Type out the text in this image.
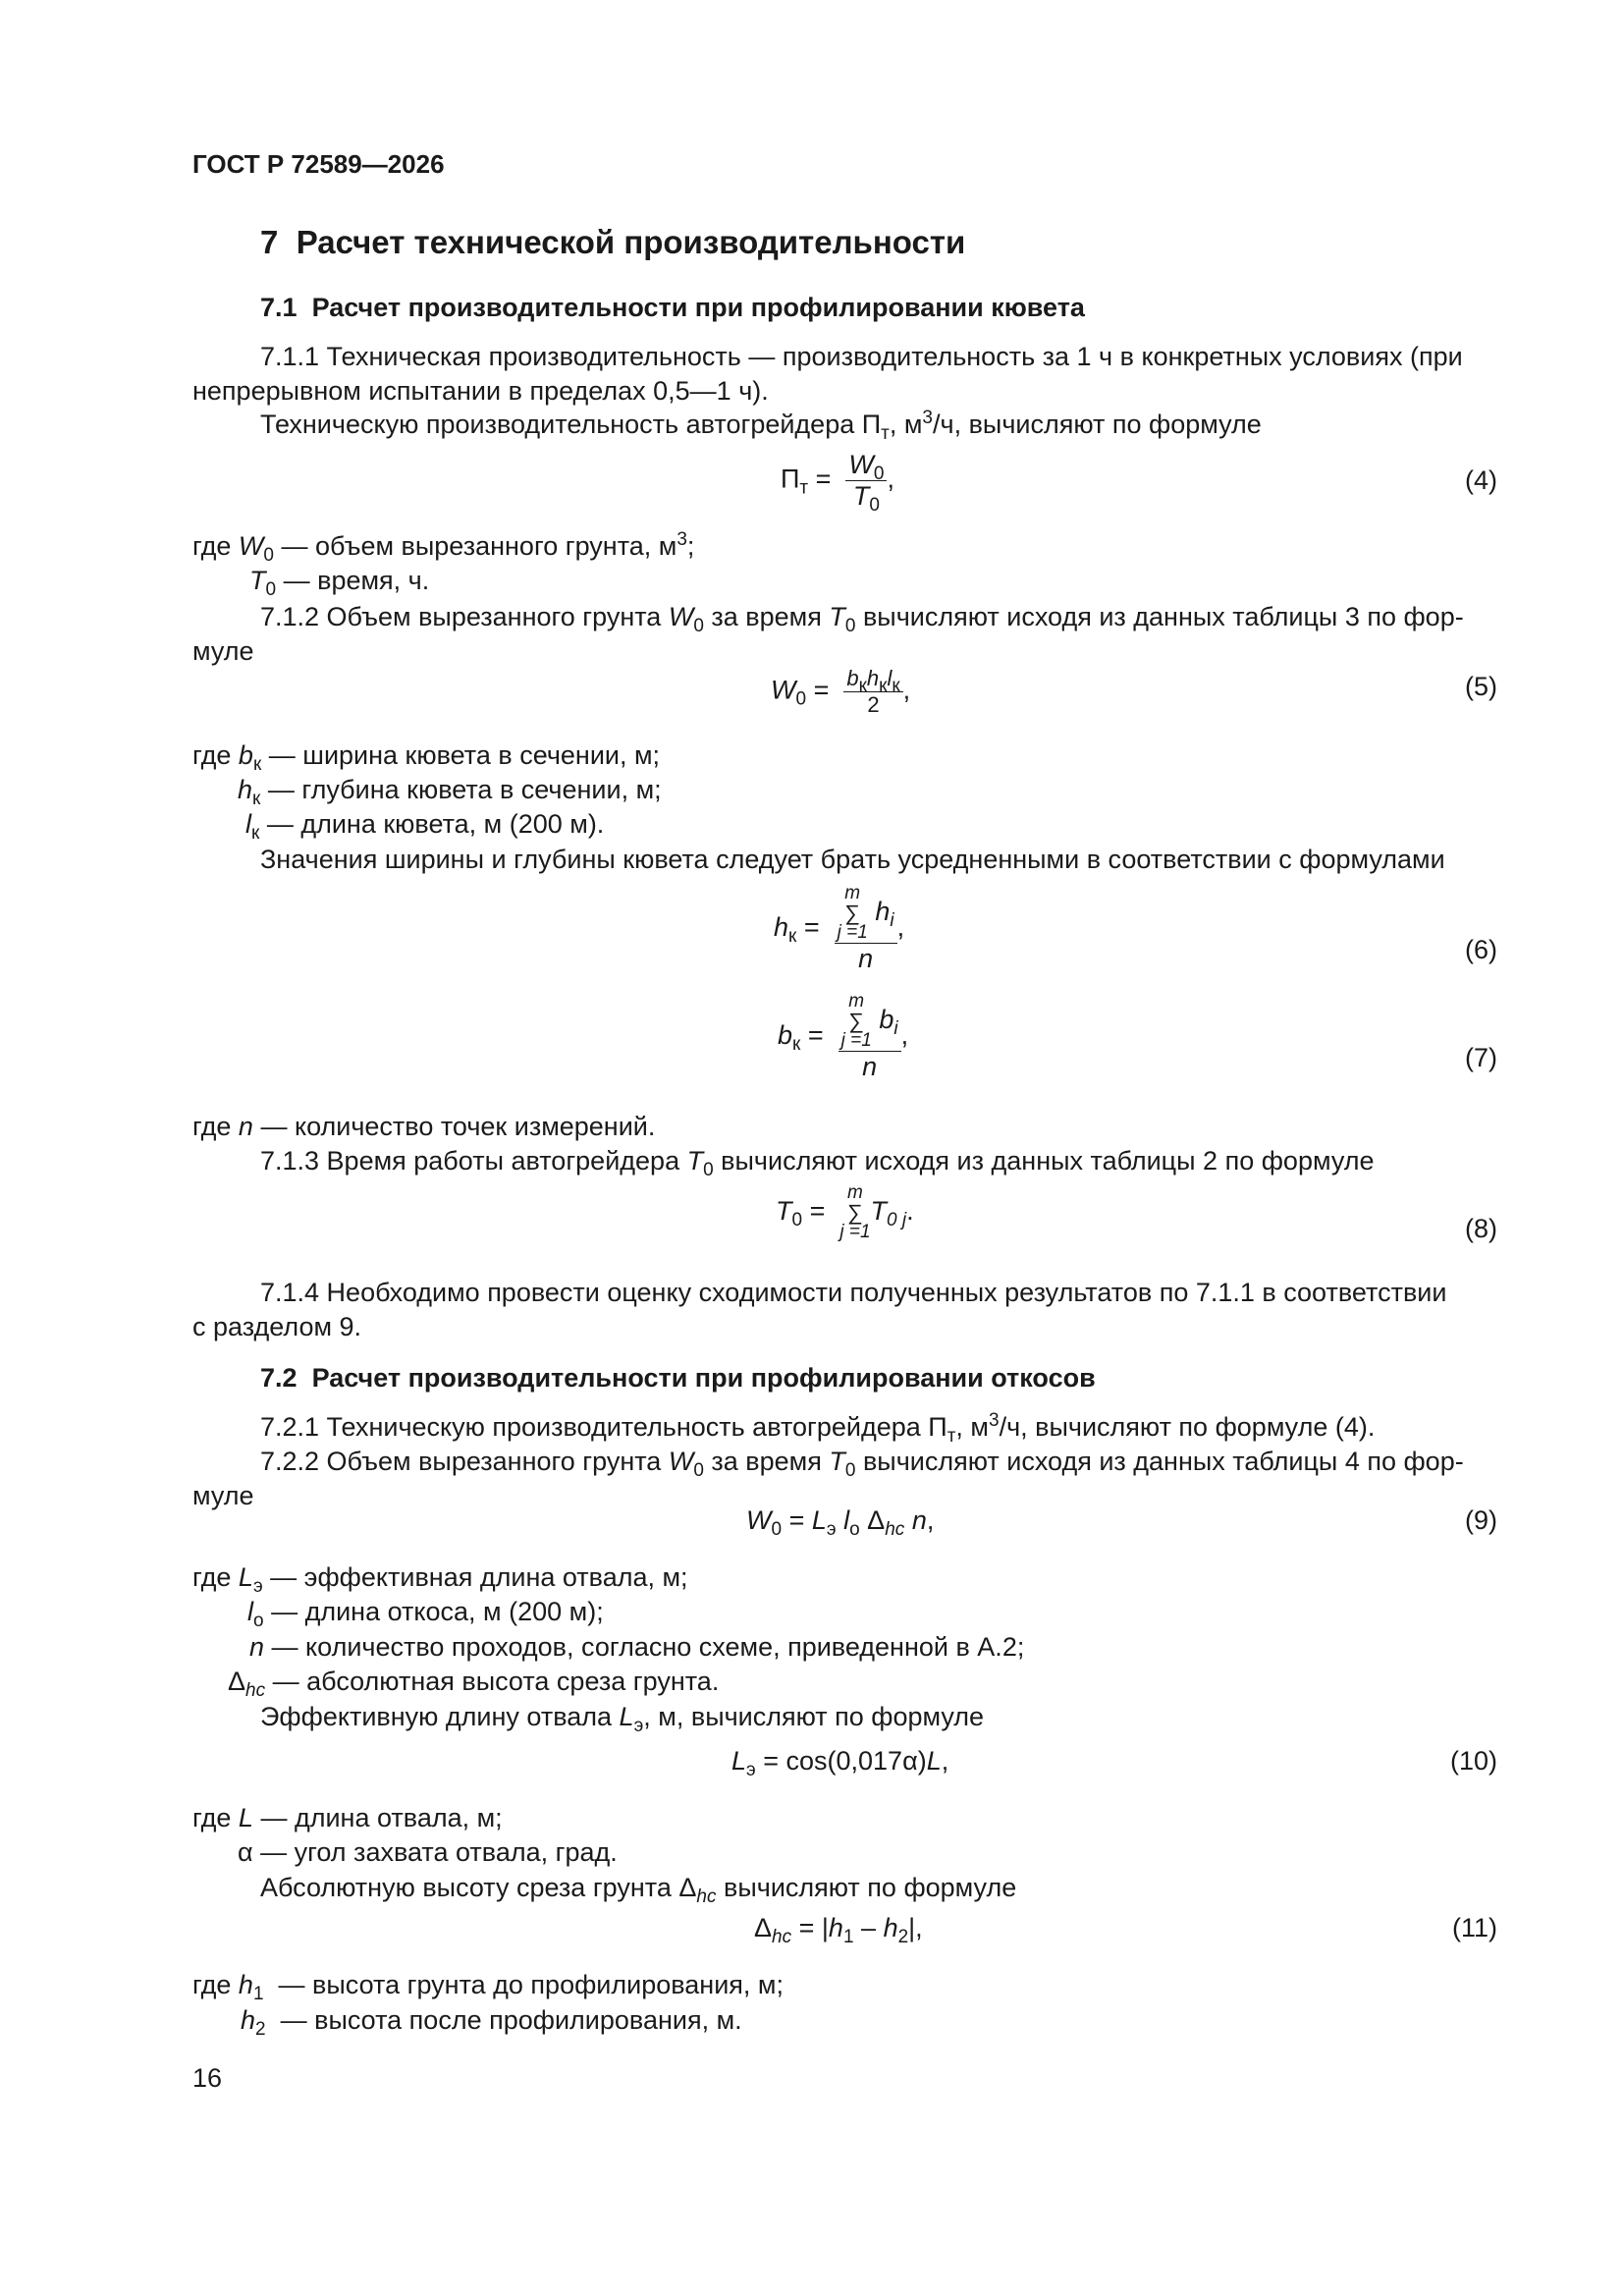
ГОСТ Р 72589—2026
7 Расчет технической производительности
7.1 Расчет производительности при профилировании кювета
7.1.1 Техническая производительность — производительность за 1 ч в конкретных условиях (при
непрерывном испытании в пределах 0,5—1 ч).
Техническую производительность автогрейдера $П_т$, $м^3/ч$, вычисляют по формуле
$П_т = \frac{W_0}{T_0}$ ,	(4)
где $W_0$ — объем вырезанного грунта, $м^3$;
$T_0$ — время, ч.
7.1.2 Объем вырезанного грунта $W_0$ за время $T_0$ вычисляют исходя из данных таблицы 3 по фор-
муле
$W_0 = \frac{b_кh_кl_к}{2}$ ,	(5)
где $b_к$ — ширина кювета в сечении, м;
$h_к$ — глубина кювета в сечении, м;
$l_к$ — длина кювета, м (200 м).
Значения ширины и глубины кювета следует брать усредненными в соответствии с формулами
$h_к = m$
∑
j =1
$h_i$
n ,
(6)
$b_к = m$
∑
j =1
$b_i$
n ,
(7)
где n — количество точек измерений.
7.1.3 Время работы автогрейдера $T_0$ вычисляют исходя из данных таблицы 2 по формуле
$T_0$ =
m
∑
j =1
$T_{0 j}$.
(8)
7.1.4 Необходимо провести оценку сходимости полученных результатов по 7.1.1 в соответствии
с разделом 9.
7.2 Расчет производительности при профилировании откосов
7.2.1 Техническую производительность автогрейдера $П_т$, $м^3/ч$, вычисляют по формуле (4).
7.2.2 Объем вырезанного грунта $W_0$ за время $T_0$ вычисляют исходя из данных таблицы 4 по фор-
муле
$W_0 = L_э$ $l_о$ $\Delta_{hc}$ n,	(9)
где $L_э$ — эффективная длина отвала, м;
$l_о$ — длина откоса, м (200 м);
n — количество проходов, согласно схеме, приведенной в А.2;
$\Delta_{hc}$ — абсолютная высота среза грунта.
Эффективную длину отвала $L_э$, м, вычисляют по формуле
$L_э = \cos(0,017\alpha)L$,	(10)
где L — длина отвала, м;
α — угол захвата отвала, град.
Абсолютную высоту среза грунта $\Delta_{hc}$ вычисляют по формуле
$\Delta_{hc} = |h_1 - h_2|$,	(11)
где $h_1$ — высота грунта до профилирования, м;
$h_2$ — высота после профилирования, м.
16
